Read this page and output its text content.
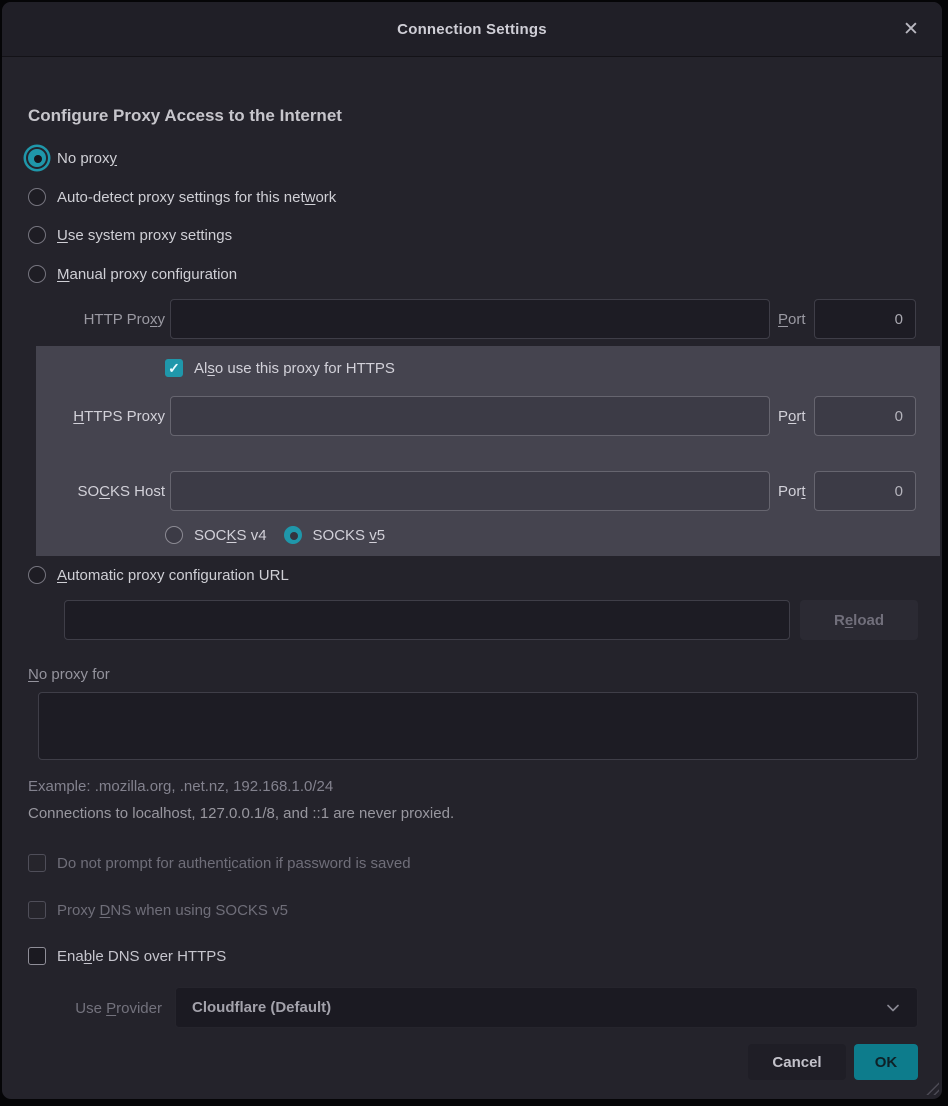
Connection Settings	✕
Configure Proxy Access to the Internet
No proxy
Auto-detect proxy settings for this network
Use system proxy settings
Manual proxy configuration
HTTP Proxy	Port
0
✓ Also use this proxy for HTTPS
HTTPS Proxy	Port
0
SOCKS Host	Port
0
SOCKS v4	SOCKS v5
Automatic proxy configuration URL
R e load
No proxy for
Example: .mozilla.org, .net.nz, 192.168.1.0/24
Connections to localhost, 127.0.0.1/8, and ::1 are never proxied.
Do not prompt for authentication if password is saved
Proxy DNS when using SOCKS v5
Enable DNS over HTTPS
Use Provider Cloudflare (Default)
Cancel	OK
